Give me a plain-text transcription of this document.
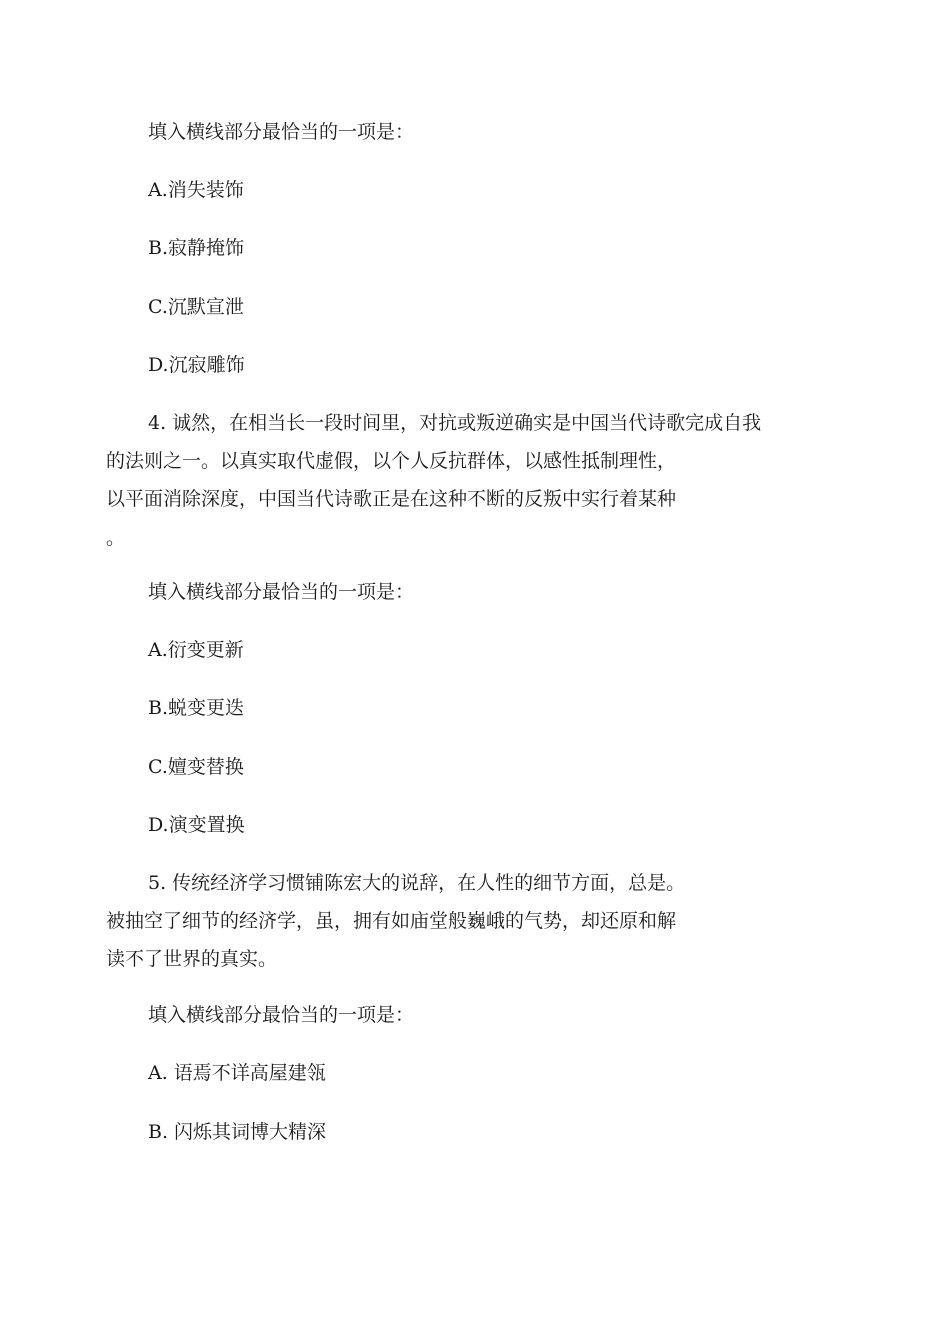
填入横线部分最恰当的一项是：
A.消失装饰
B.寂静掩饰
C.沉默宣泄
D.沉寂雕饰
4. 诚然，在相当长一段时间里，对抗或叛逆确实是中国当代诗歌完成自我
的法则之一。以真实取代虚假，以个人反抗群体，以感性抵制理性，
以平面消除深度，中国当代诗歌正是在这种不断的反叛中实行着某种
。
填入横线部分最恰当的一项是：
A.衍变更新
B.蜕变更迭
C.嬗变替换
D.演变置换
5. 传统经济学习惯铺陈宏大的说辞，在人性的细节方面，总是。
被抽空了细节的经济学，虽，拥有如庙堂般巍峨的气势，却还原和解
读不了世界的真实。
填入横线部分最恰当的一项是：
A. 语焉不详高屋建瓴
B. 闪烁其词博大精深
